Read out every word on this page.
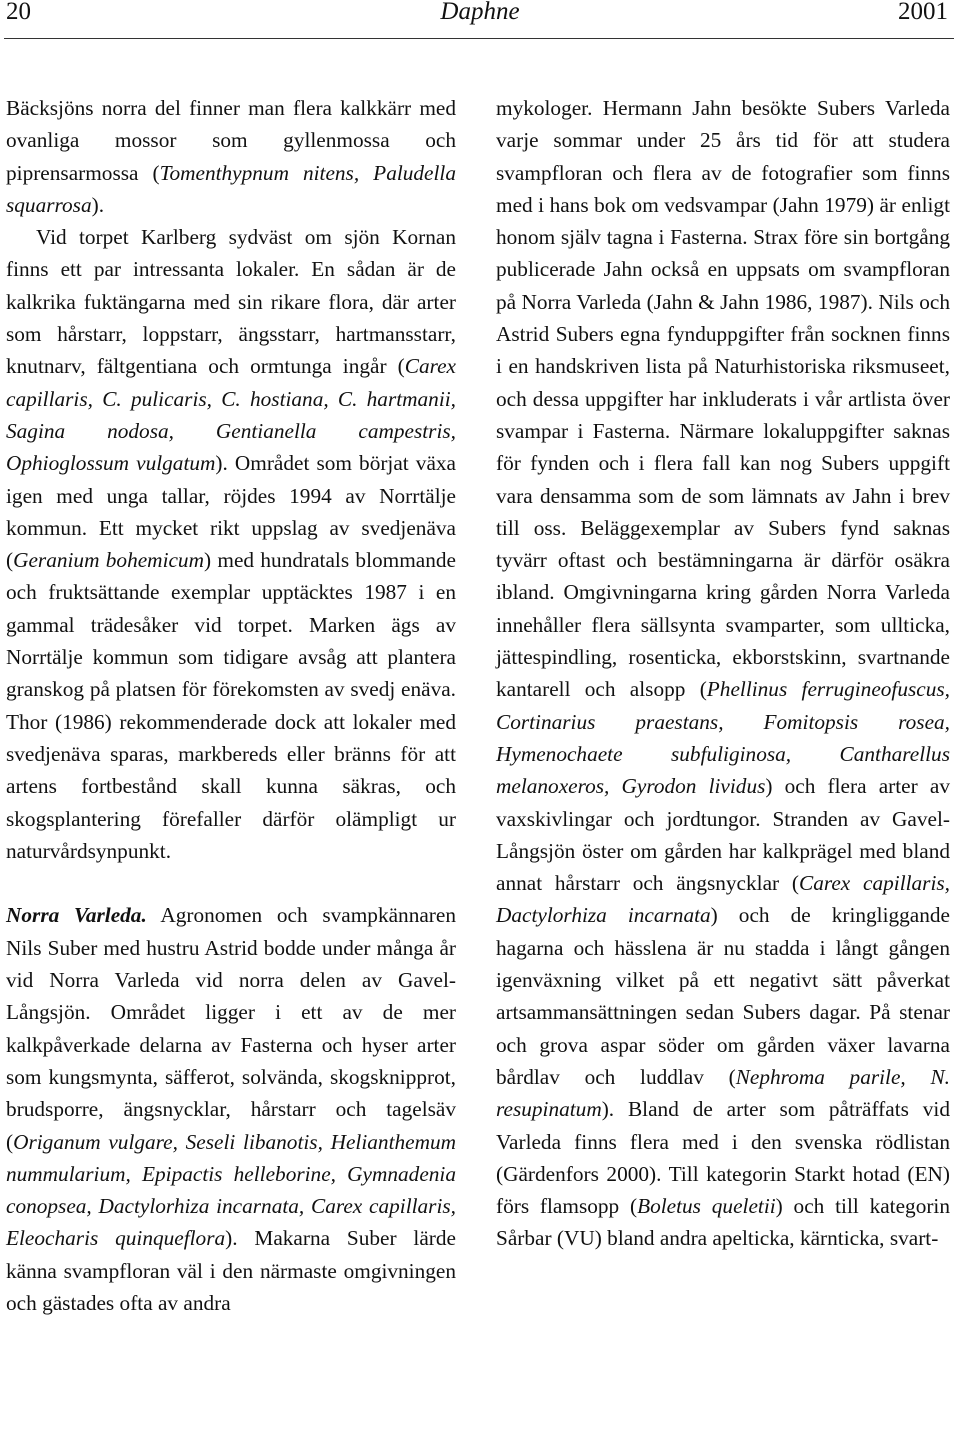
20	Daphne	2001

Bäcksjöns norra del finner man flera kalkkärr med ovanliga mossor som gyllenmossa och piprensarmossa (Tomenthypnum nitens, Paludella squarrosa).

Vid torpet Karlberg sydväst om sjön Kornan finns ett par intressanta lokaler. En sådan är de kalkrika fuktängarna med sin rikare flora, där arter som hårstarr, loppstarr, ängsstarr, hartmansstarr, knutnarv, fältgentiana och ormtunga ingår (Carex capillaris, C. pulicaris, C. hostiana, C. hartmanii, Sagina nodosa, Gentianella campestris, Ophioglossum vulgatum). Området som börjat växa igen med unga tallar, röjdes 1994 av Norrtälje kommun. Ett mycket rikt uppslag av svedjenäva (Geranium bohemicum) med hundratals blommande och fruktsättande exemplar upptäcktes 1987 i en gammal trädesåker vid torpet. Marken ägs av Norrtälje kommun som tidigare avsåg att plantera granskog på platsen för förekomsten av svedj enäva. Thor (1986) rekommenderade dock att lokaler med svedjenäva sparas, markbereds eller bränns för att artens fortbestånd skall kunna säkras, och skogsplantering förefaller därför olämpligt ur naturvårdsynpunkt.

Norra Varleda. Agronomen och svampkännaren Nils Suber med hustru Astrid bodde under många år vid Norra Varleda vid norra delen av Gavel-Långsjön. Området ligger i ett av de mer kalkpåverkade delarna av Fasterna och hyser arter som kungsmynta, säfferot, solvända, skogsknipprot, brudsporre, ängsnycklar, hårstarr och tagelsäv (Origanum vulgare, Seseli libanotis, Helianthemum nummularium, Epipactis helleborine, Gymnadenia conopsea, Dactylorhiza incarnata, Carex capillaris, Eleocharis quinqueflora). Makarna Suber lärde känna svampfloran väl i den närmaste omgivningen och gästades ofta av andra

mykologer. Hermann Jahn besökte Subers Varleda varje sommar under 25 års tid för att studera svampfloran och flera av de fotografier som finns med i hans bok om vedsvampar (Jahn 1979) är enligt honom själv tagna i Fasterna. Strax före sin bortgång publicerade Jahn också en uppsats om svampfloran på Norra Varleda (Jahn & Jahn 1986, 1987). Nils och Astrid Subers egna fynduppgifter från socknen finns i en handskriven lista på Naturhistoriska riksmuseet, och dessa uppgifter har inkluderats i vår artlista över svampar i Fasterna. Närmare lokaluppgifter saknas för fynden och i flera fall kan nog Subers uppgift vara densamma som de som lämnats av Jahn i brev till oss. Beläggexemplar av Subers fynd saknas tyvärr oftast och bestämningarna är därför osäkra ibland. Omgivningarna kring gården Norra Varleda innehåller flera sällsynta svamparter, som ullticka, jättespindling, rosenticka, ekborstskinn, svartnande kantarell och alsopp (Phellinus ferrugineofuscus, Cortinarius praestans, Fomitopsis rosea, Hymenochaete subfuliginosa, Cantharellus melanoxeros, Gyrodon lividus) och flera arter av vaxskivlingar och jordtungor. Stranden av Gavel-Långsjön öster om gården har kalkprägel med bland annat hårstarr och ängsnycklar (Carex capillaris, Dactylorhiza incarnata) och de kringliggande hagarna och hässlena är nu stadda i långt gången igenväxning vilket på ett negativt sätt påverkat artsammansättningen sedan Subers dagar. På stenar och grova aspar söder om gården växer lavarna bårdlav och luddlav (Nephroma parile, N. resupinatum). Bland de arter som påträffats vid Varleda finns flera med i den svenska rödlistan (Gärdenfors 2000). Till kategorin Starkt hotad (EN) förs flamsopp (Boletus queletii) och till kategorin Sårbar (VU) bland andra apelticka, kärnticka, svart-
